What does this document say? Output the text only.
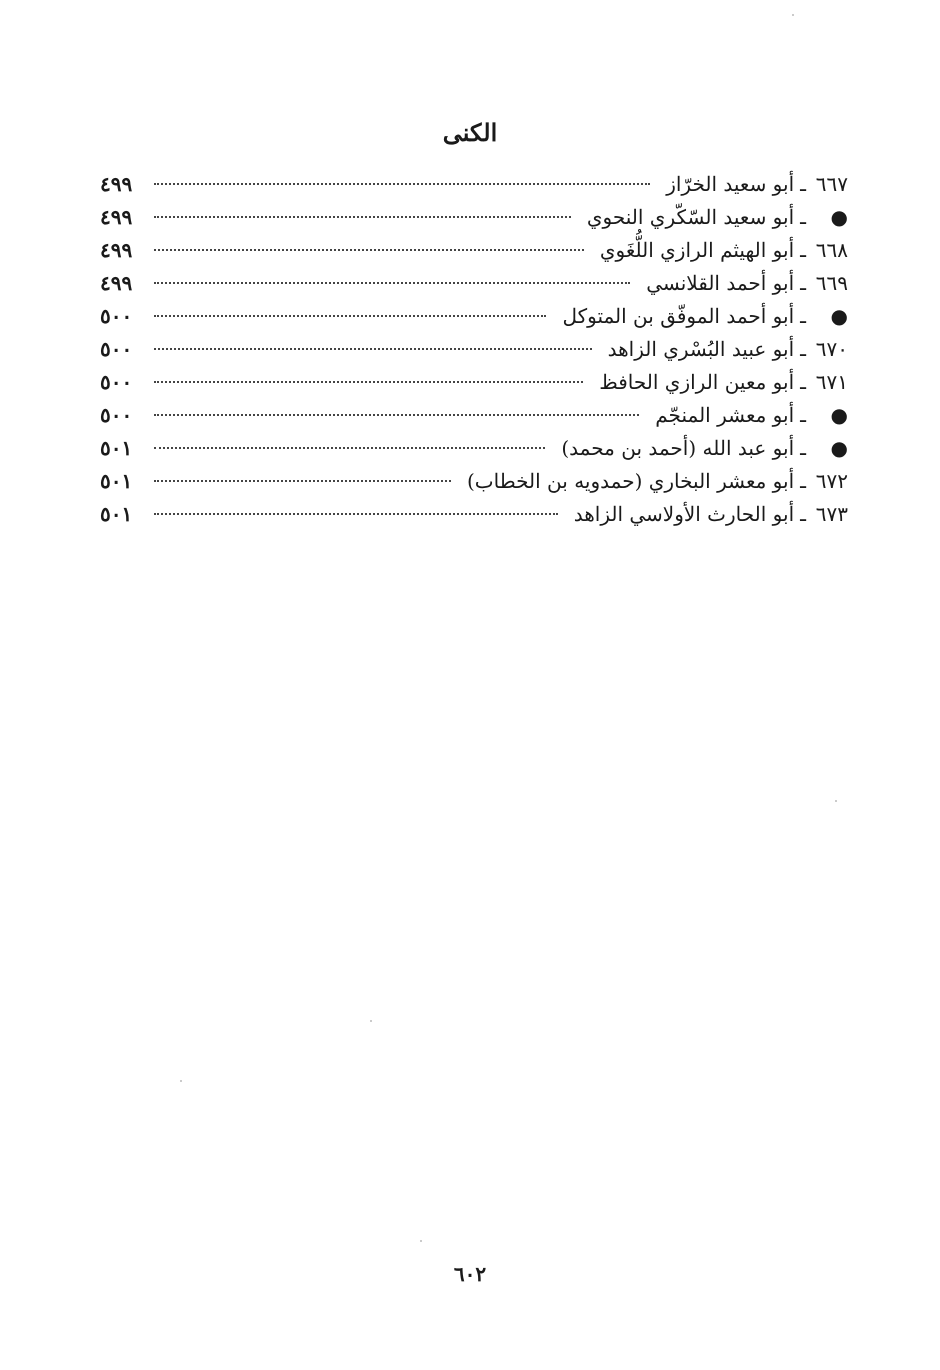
الكنى
٦٦٧
ـ
أبو سعيد الخرّاز
٤٩٩
●
ـ
أبو سعيد السّكّري النحوي
٤٩٩
٦٦٨
ـ
أبو الهيثم الرازي اللُّغَوي
٤٩٩
٦٦٩
ـ
أبو أحمد القلانسي
٤٩٩
●
ـ
أبو أحمد الموفّق بن المتوكل
٥٠٠
٦٧٠
ـ
أبو عبيد البُسْري الزاهد
٥٠٠
٦٧١
ـ
أبو معين الرازي الحافظ
٥٠٠
●
ـ
أبو معشر المنجّم
٥٠٠
●
ـ
أبو عبد الله (أحمد بن محمد)
٥٠١
٦٧٢
ـ
أبو معشر البخاري (حمدويه بن الخطاب)
٥٠١
٦٧٣
ـ
أبو الحارث الأولاسي الزاهد
٥٠١
٦٠٢
